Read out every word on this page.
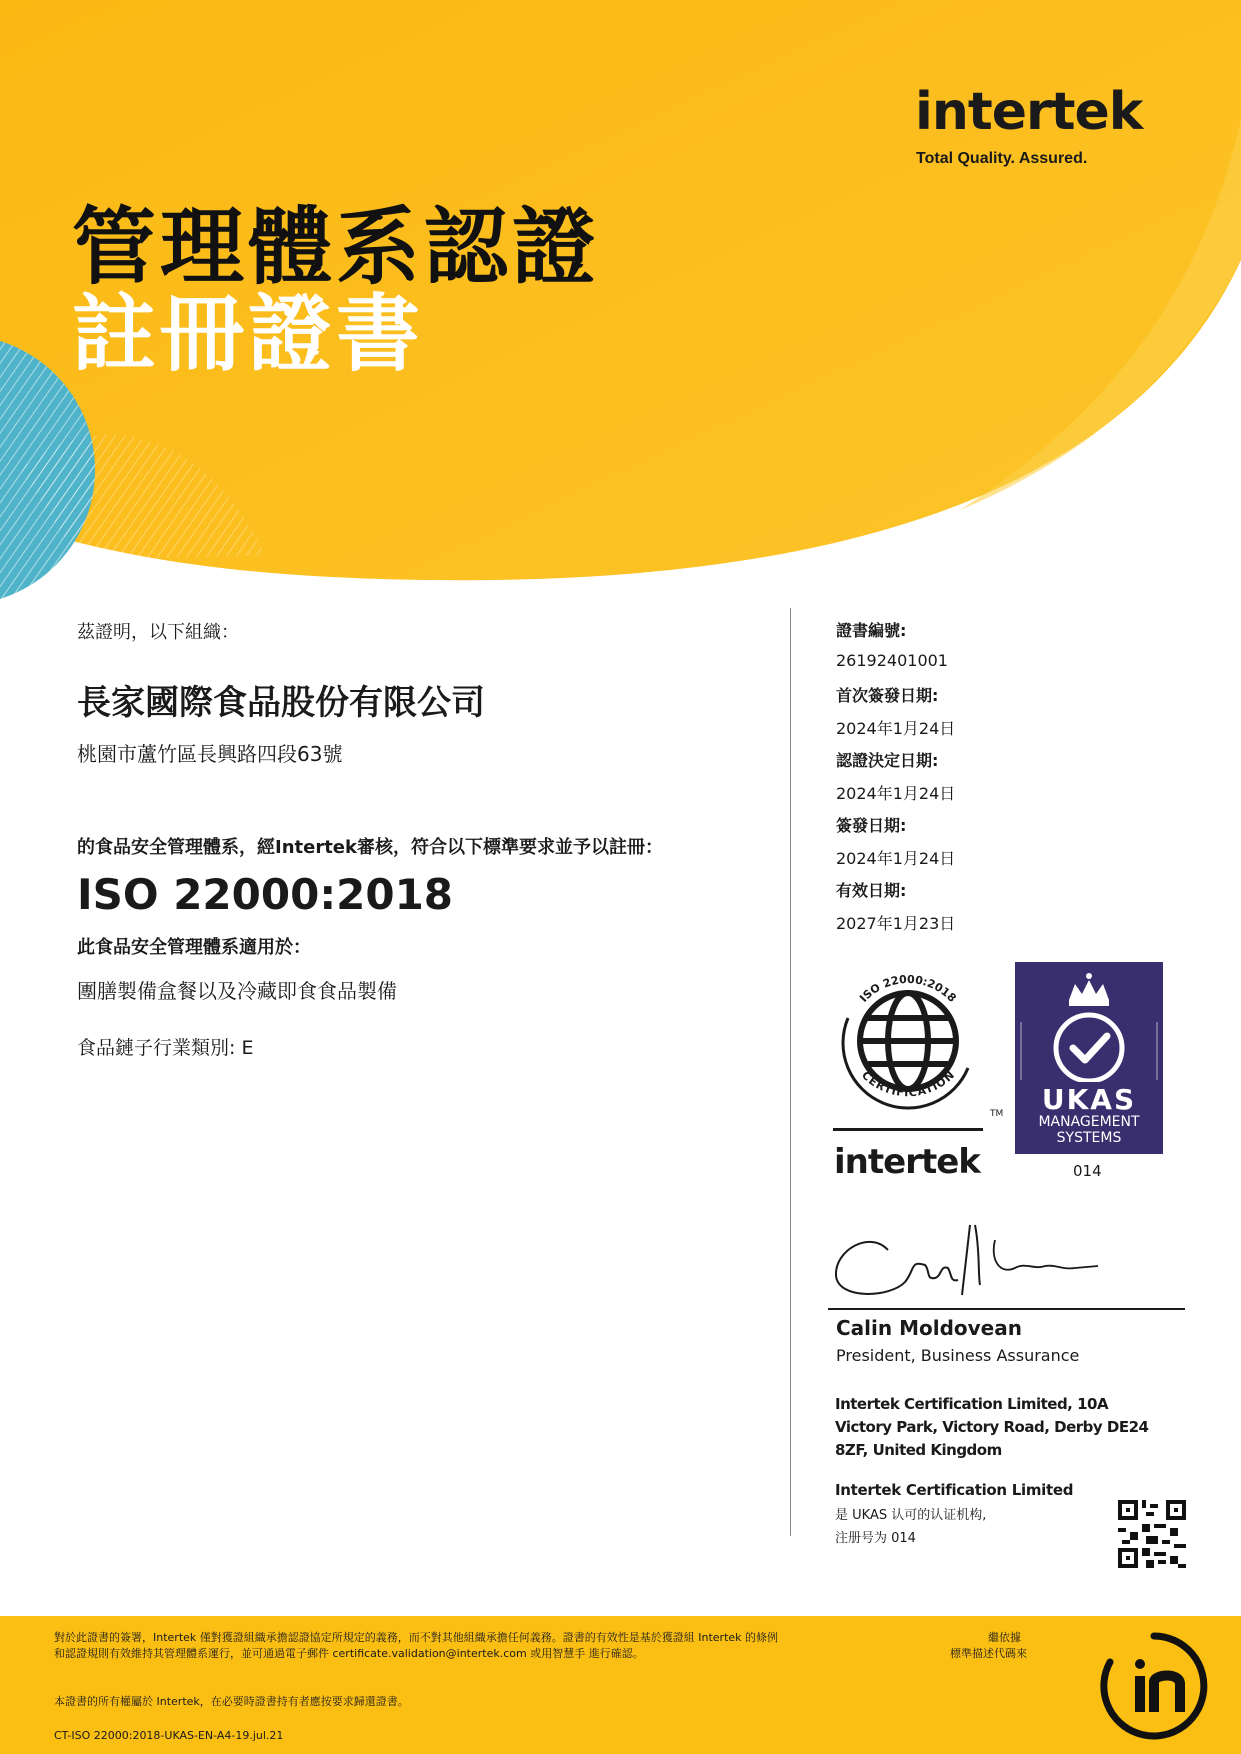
intertek
Total Quality. Assured.
管理體系認證
註冊證書
茲證明，以下組織：
長家國際食品股份有限公司
桃園市蘆竹區長興路四段63號
的食品安全管理體系，經Intertek審核，符合以下標準要求並予以註冊：
ISO 22000:2018
此食品安全管理體系適用於：
團膳製備盒餐以及冷藏即食食品製備
食品鏈子行業類別: E
證書編號:
26192401001
首次簽發日期:
2024年1月24日
認證決定日期:
2024年1月24日
簽發日期:
2024年1月24日
有效日期:
2027年1月23日
ISO 22000:2018
CERTIFICATION
TM
intertek
UKAS
MANAGEMENT
SYSTEMS
014
Calin Moldovean
President, Business Assurance
Intertek Certification Limited, 10A Victory Park, Victory Road, Derby DE24 8ZF, United Kingdom
Intertek Certification Limited
是 UKAS 认可的认证机构,
注册号为 014
對於此證書的簽署，Intertek 僅對獲證組織承擔認證協定所規定的義務，而不對其他組織承擔任何義務。證書的有效性是基於獲證組 Intertek 的條例和認證規則有效維持其管理體系運行，並可通過電子郵件 certificate.validation@intertek.com 或用智慧手 進行確認。
本證書的所有權屬於 Intertek，在必要時證書持有者應按要求歸還證書。
CT-ISO 22000:2018-UKAS-EN-A4-19.jul.21
繼依據
標準描述代碼來
